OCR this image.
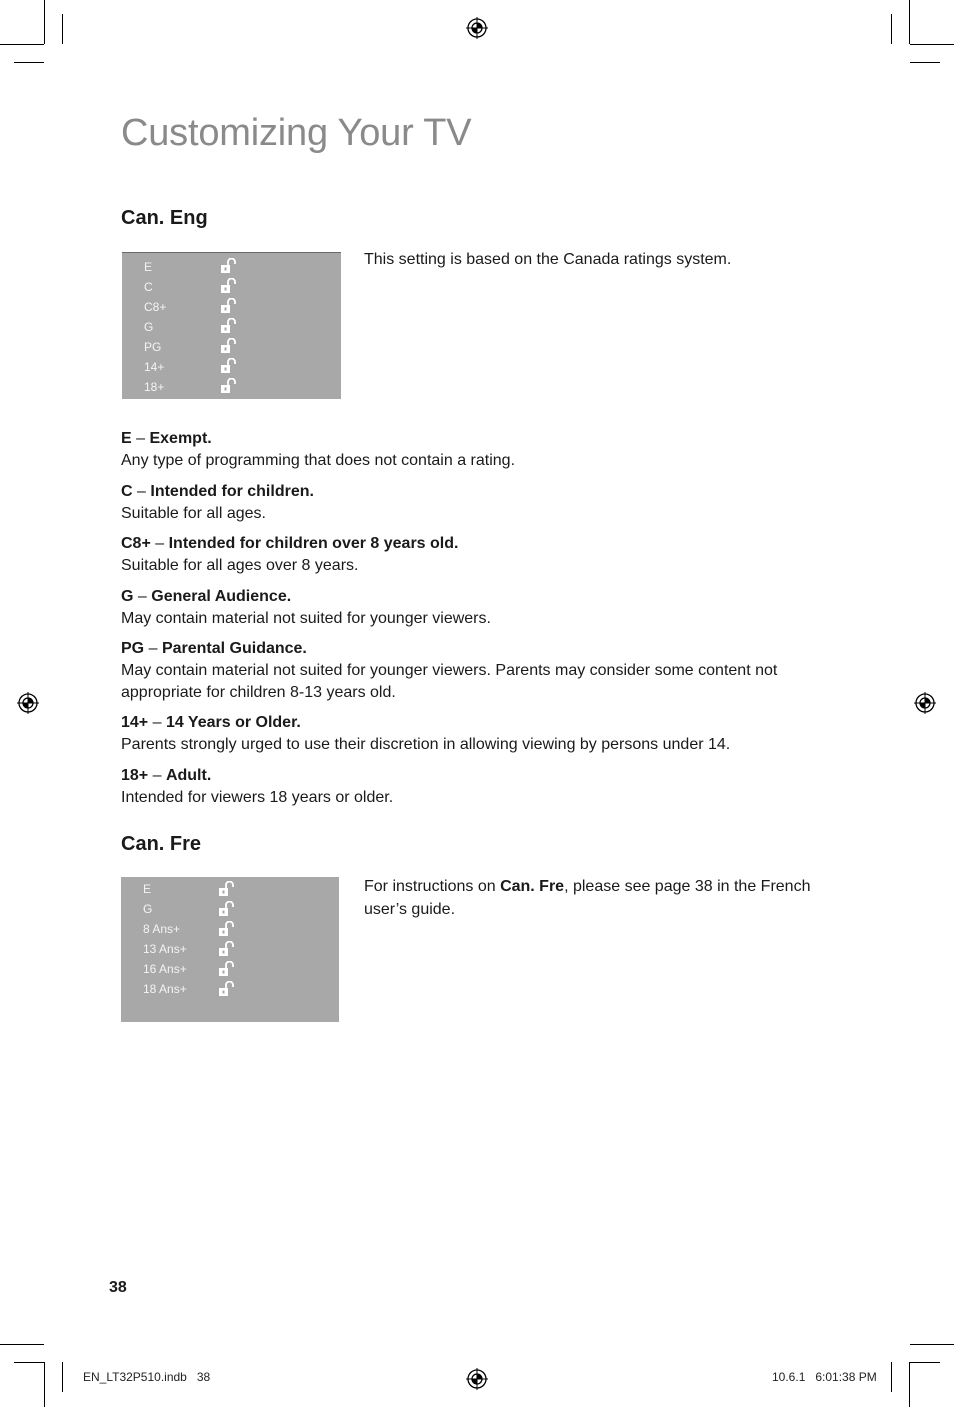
Customizing Your TV
Can. Eng
E
C
C8+
G
PG
14+
18+

This setting is based on the Canada ratings system.

E – Exempt.

Any type of programming that does not contain a rating.

C – Intended for children.

Suitable for all ages.

C8+ – Intended for children over 8 years old.

Suitable for all ages over 8 years.

G – General Audience.

May contain material not suited for younger viewers.

PG – Parental Guidance.

May contain material not suited for younger viewers. Parents may consider some content not appropriate for children 8-13 years old.

14+ – 14 Years or Older.

Parents strongly urged to use their discretion in allowing viewing by persons under 14.

18+ – Adult.

Intended for viewers 18 years or older.

Can. Fre
E
G
8 Ans+
13 Ans+
16 Ans+
18 Ans+

For instructions on Can. Fre, please see page 38 in the French user’s guide.

38
EN_LT32P510.indb   38	10.6.1   6:01:38 PM
